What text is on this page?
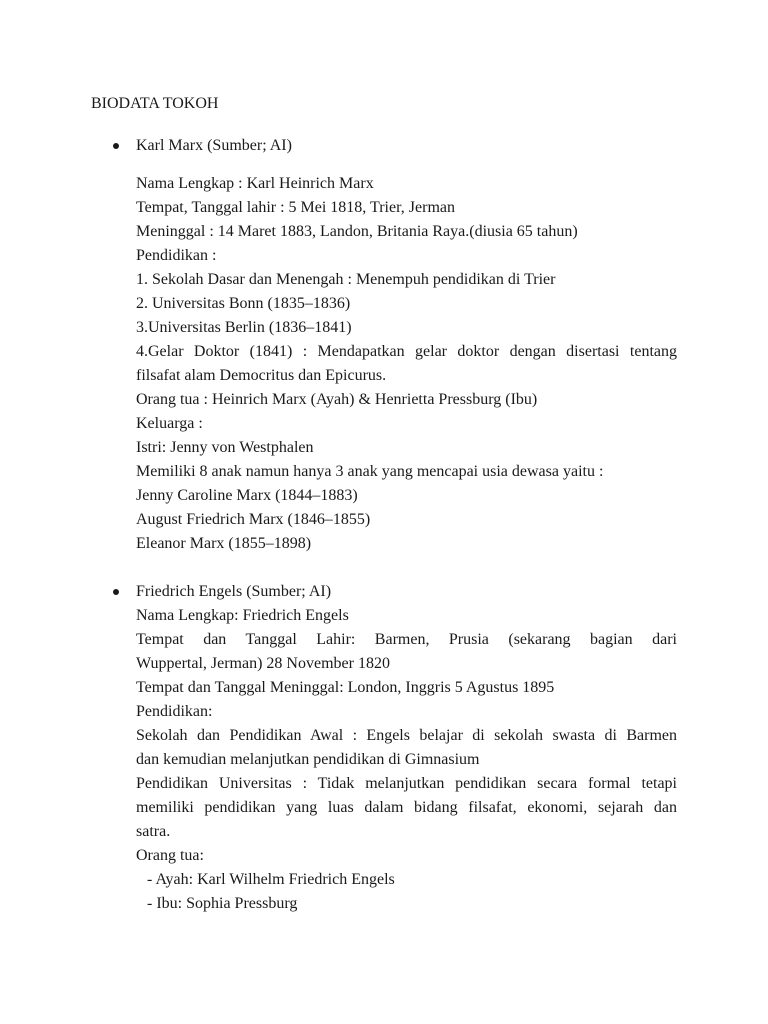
BIODATA TOKOH
Karl Marx (Sumber; AI)
Nama Lengkap : Karl Heinrich Marx
Tempat, Tanggal lahir : 5 Mei 1818, Trier, Jerman
Meninggal : 14 Maret 1883, Landon, Britania Raya.(diusia 65 tahun)
Pendidikan :
1. Sekolah Dasar dan Menengah : Menempuh pendidikan di Trier
2. Universitas Bonn (1835–1836)
3.Universitas Berlin (1836–1841)
4.Gelar Doktor (1841) : Mendapatkan gelar doktor dengan disertasi tentang
filsafat alam Democritus dan Epicurus.
Orang tua : Heinrich Marx (Ayah) & Henrietta Pressburg (Ibu)
Keluarga :
Istri: Jenny von Westphalen
Memiliki 8 anak namun hanya 3 anak yang mencapai usia dewasa yaitu :
Jenny Caroline Marx (1844–1883)
August Friedrich Marx (1846–1855)
Eleanor Marx (1855–1898)
Friedrich Engels (Sumber; AI)
Nama Lengkap: Friedrich Engels
Tempat dan Tanggal Lahir: Barmen, Prusia (sekarang bagian dari
Wuppertal, Jerman) 28 November 1820
Tempat dan Tanggal Meninggal: London, Inggris 5 Agustus 1895
Pendidikan:
Sekolah dan Pendidikan Awal : Engels belajar di sekolah swasta di Barmen
dan kemudian melanjutkan pendidikan di Gimnasium
Pendidikan Universitas : Tidak melanjutkan pendidikan secara formal tetapi
memiliki pendidikan yang luas dalam bidang filsafat, ekonomi, sejarah dan
satra.
Orang tua:
- Ayah: Karl Wilhelm Friedrich Engels
- Ibu: Sophia Pressburg
